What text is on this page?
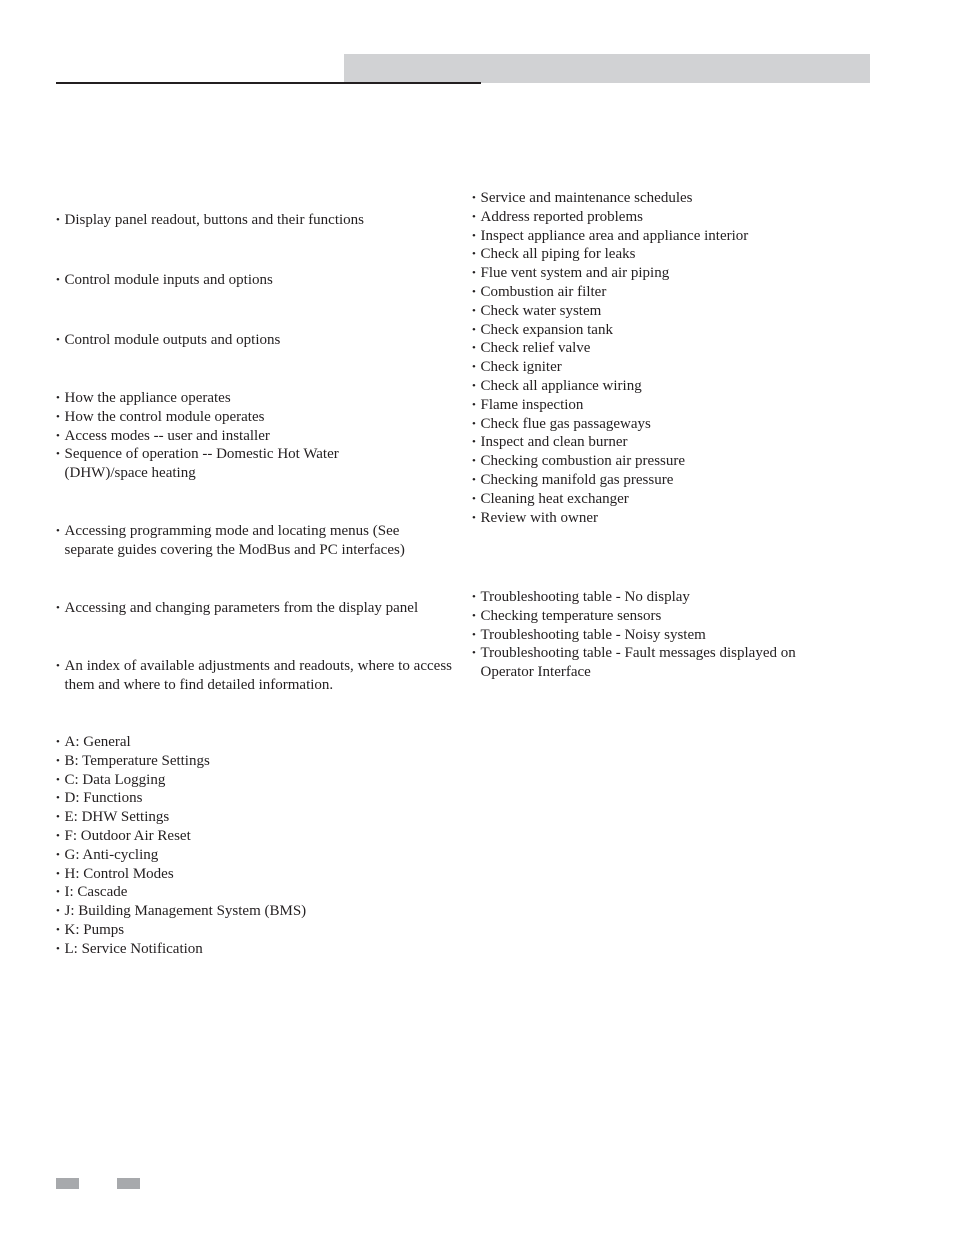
• Display panel readout, buttons and their functions
• Control module inputs and options
• Control module outputs and options
• How the appliance operates
• How the control module operates
• Access modes -- user and installer
• Sequence of operation -- Domestic Hot Water (DHW)/space heating
• Accessing programming mode and locating menus (See separate guides covering the ModBus and PC interfaces)
• Accessing and changing parameters from the display panel
• An index of available adjustments and readouts, where to access them and where to find detailed information.
• A: General
• B: Temperature Settings
• C: Data Logging
• D: Functions
• E: DHW Settings
• F: Outdoor Air Reset
• G: Anti-cycling
• H: Control Modes
• I: Cascade
• J: Building Management System (BMS)
• K: Pumps
• L: Service Notification
• Service and maintenance schedules
• Address reported problems
• Inspect appliance area and appliance interior
• Check all piping for leaks
• Flue vent system and air piping
• Combustion air filter
• Check water system
• Check expansion tank
• Check relief valve
• Check igniter
• Check all appliance wiring
• Flame inspection
• Check flue gas passageways
• Inspect and clean burner
• Checking combustion air pressure
• Checking manifold gas pressure
• Cleaning heat exchanger
• Review with owner
• Troubleshooting table - No display
• Checking temperature sensors
• Troubleshooting table - Noisy system
• Troubleshooting table - Fault messages displayed on Operator Interface
